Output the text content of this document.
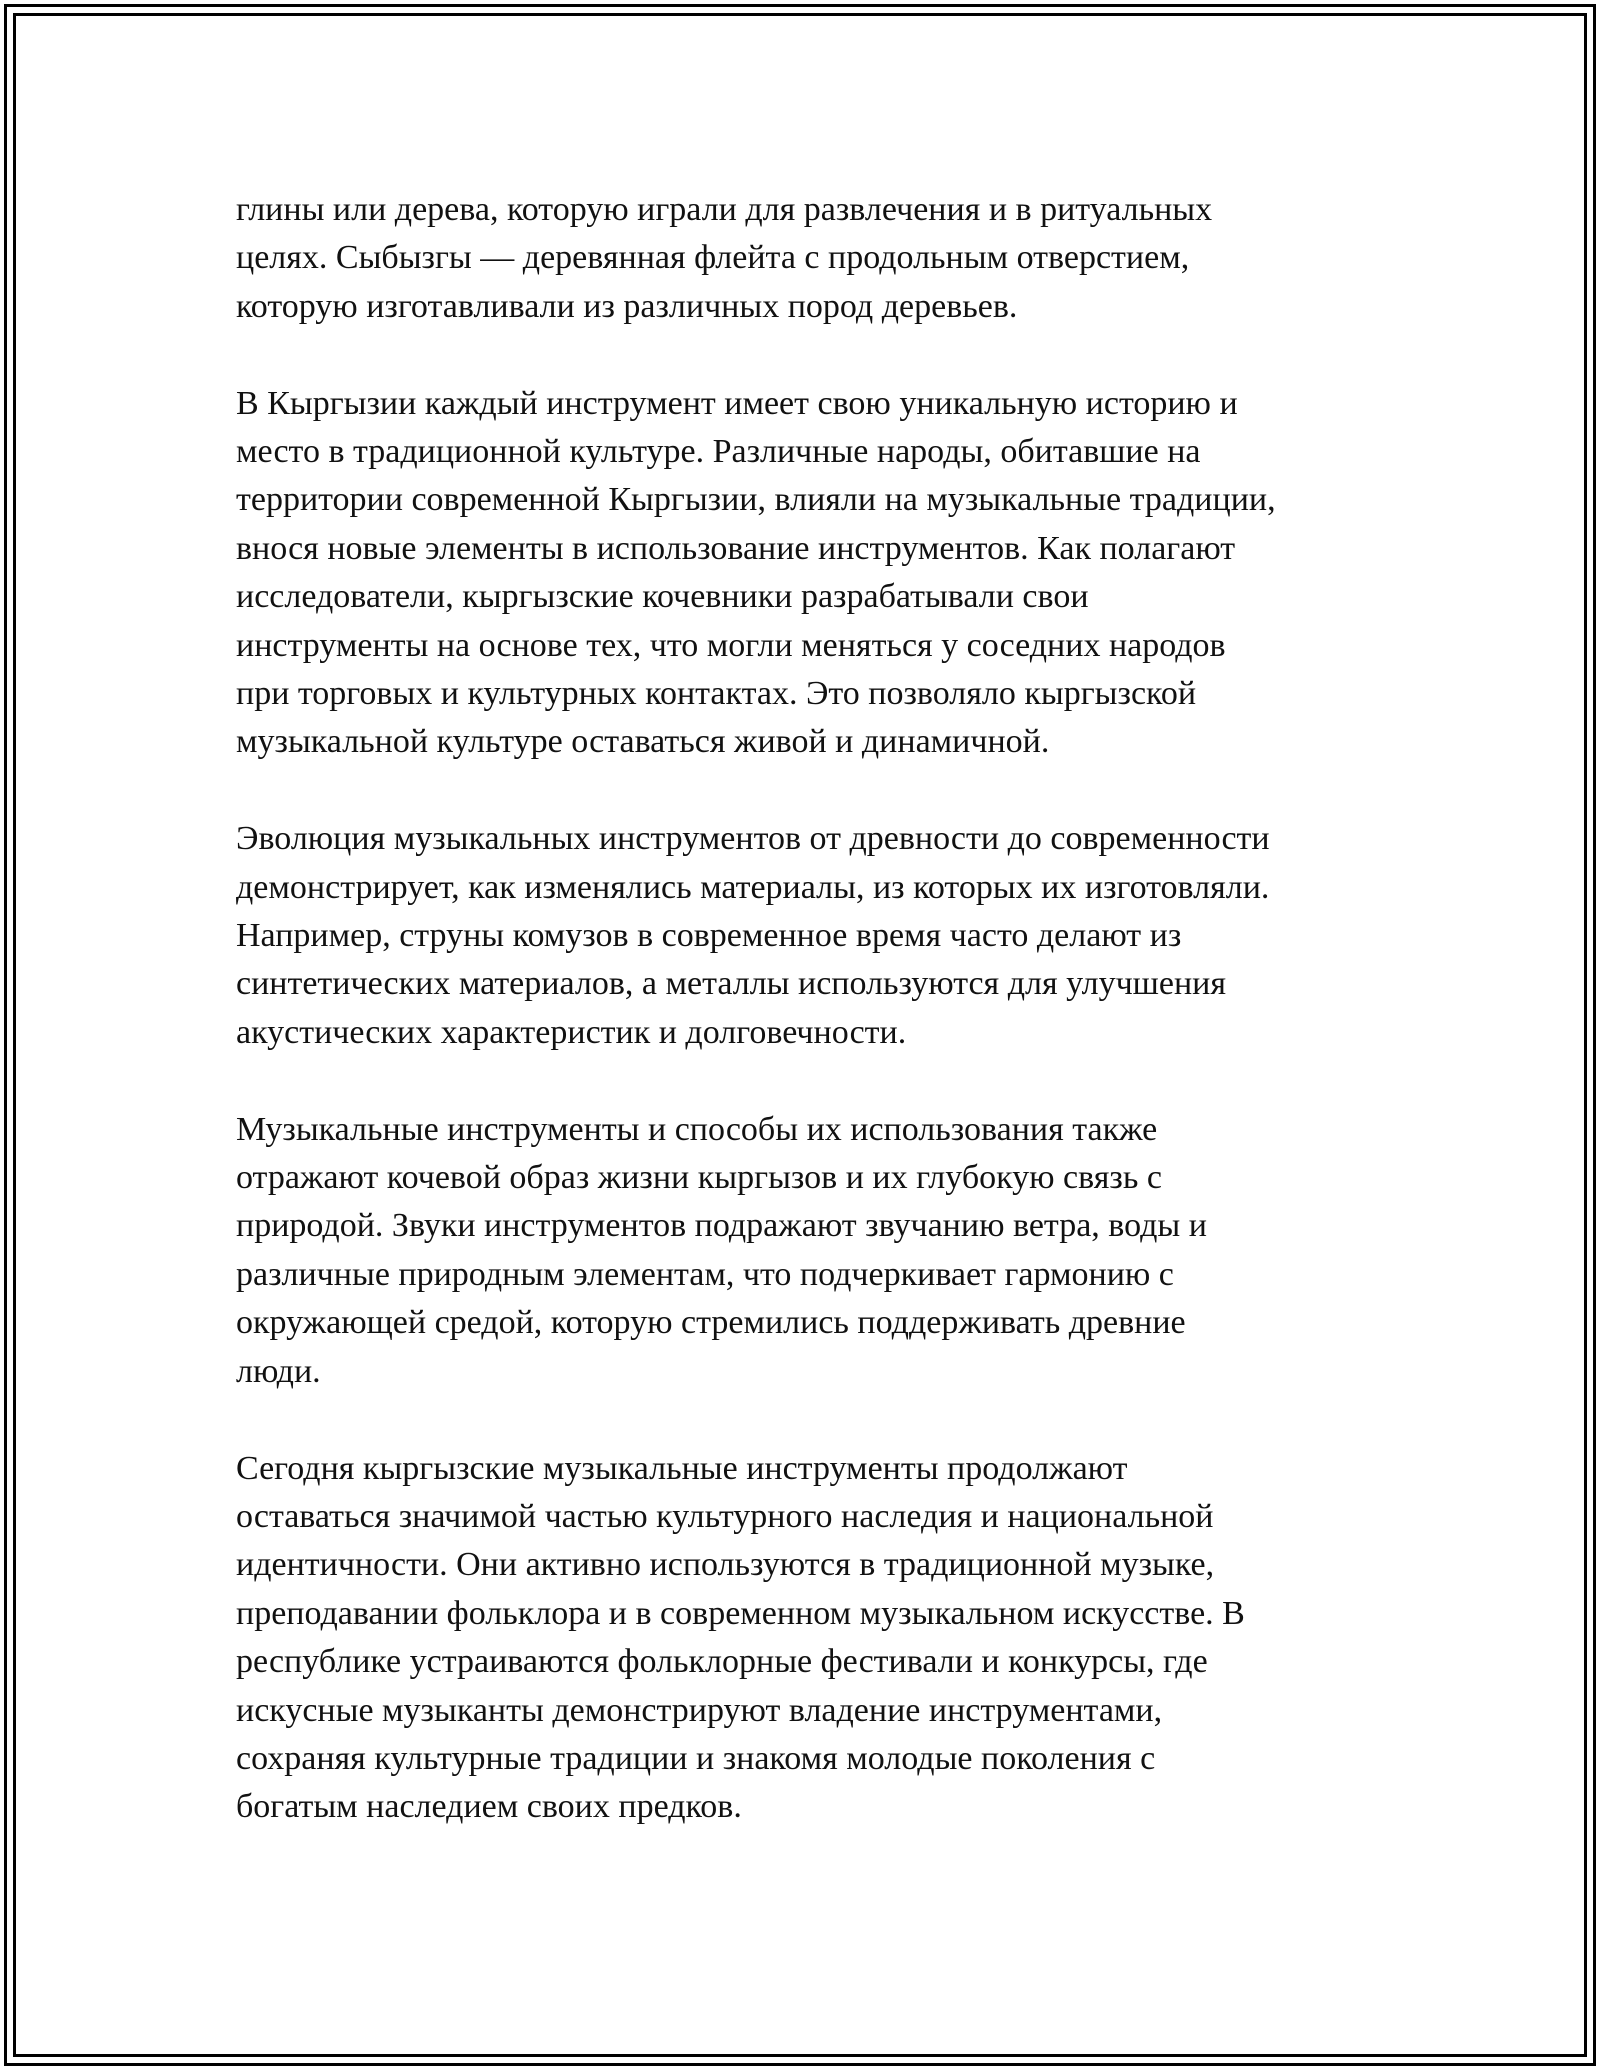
глины или дерева, которую играли для развлечения и в ритуальных
целях. Сыбызгы — деревянная флейта с продольным отверстием,
которую изготавливали из различных пород деревьев.

В Кыргызии каждый инструмент имеет свою уникальную историю и
место в традиционной культуре. Различные народы, обитавшие на
территории современной Кыргызии, влияли на музыкальные традиции,
внося новые элементы в использование инструментов. Как полагают
исследователи, кыргызские кочевники разрабатывали свои
инструменты на основе тех, что могли меняться у соседних народов
при торговых и культурных контактах. Это позволяло кыргызской
музыкальной культуре оставаться живой и динамичной.

Эволюция музыкальных инструментов от древности до современности
демонстрирует, как изменялись материалы, из которых их изготовляли.
Например, струны комузов в современное время часто делают из
синтетических материалов, а металлы используются для улучшения
акустических характеристик и долговечности.

Музыкальные инструменты и способы их использования также
отражают кочевой образ жизни кыргызов и их глубокую связь с
природой. Звуки инструментов подражают звучанию ветра, воды и
различные природным элементам, что подчеркивает гармонию с
окружающей средой, которую стремились поддерживать древние
люди.

Сегодня кыргызские музыкальные инструменты продолжают
оставаться значимой частью культурного наследия и национальной
идентичности. Они активно используются в традиционной музыке,
преподавании фольклора и в современном музыкальном искусстве. В
республике устраиваются фольклорные фестивали и конкурсы, где
искусные музыканты демонстрируют владение инструментами,
сохраняя культурные традиции и знакомя молодые поколения с
богатым наследием своих предков.
